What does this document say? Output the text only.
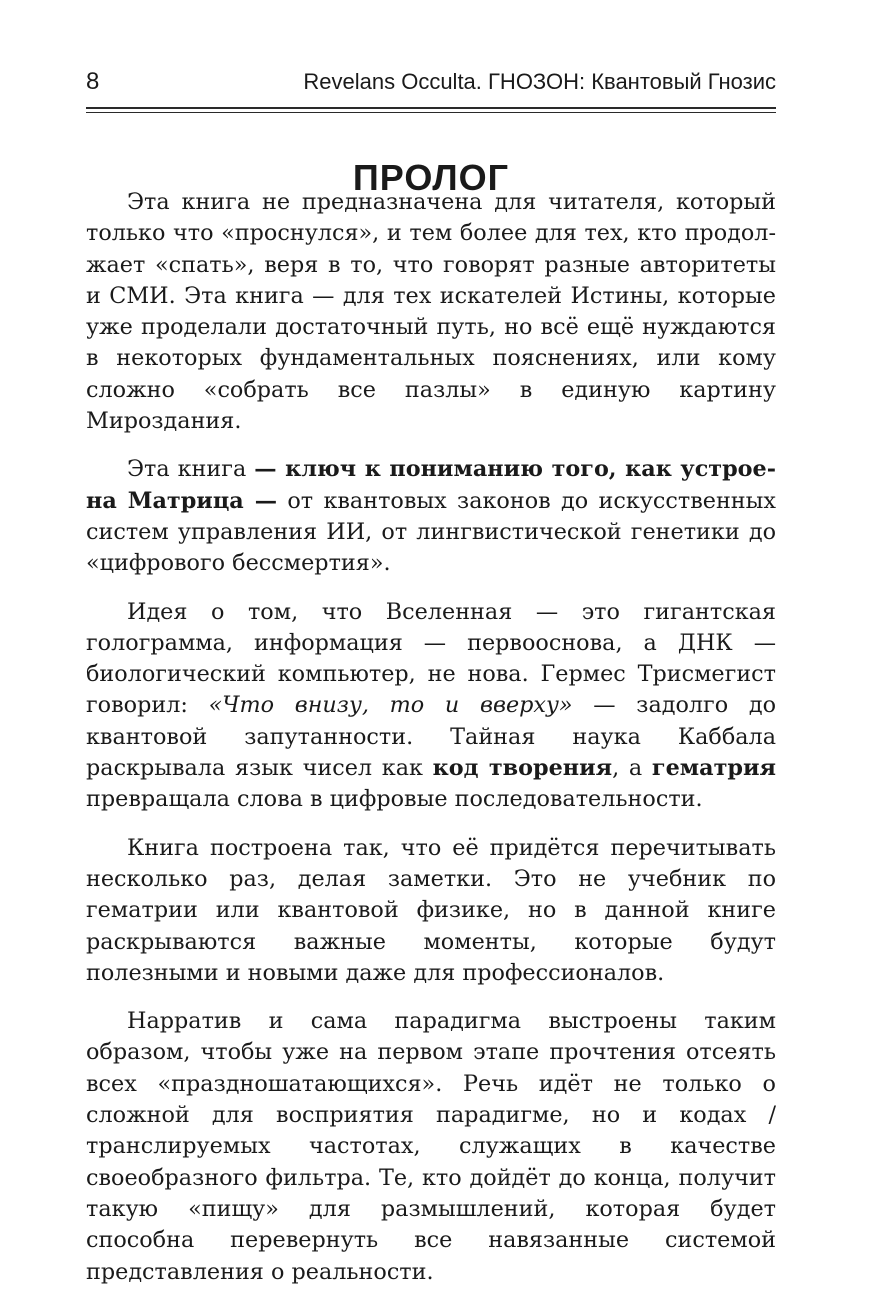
8	Revelans Occulta. ГНОЗОН: Квантовый Гнозис
ПРОЛОГ

Эта книга не предназначена для читателя, который только что «проснулся», и тем более для тех, кто продолжает «спать», веря в то, что говорят разные авторитеты и СМИ. Эта книга — для тех искателей Истины, которые уже проделали достаточный путь, но всё ещё нуждаются в некоторых фундаментальных пояснениях, или кому сложно «собрать все пазлы» в единую картину Мироздания.

Эта книга — ключ к пониманию того, как устроена Матрица — от квантовых законов до искусственных систем управления ИИ, от лингвистической генетики до «цифрового бессмертия».

Идея о том, что Вселенная — это гигантская голограмма, информация — первооснова, а ДНК — биологический компьютер, не нова. Гермес Трисмегист говорил: «Что внизу, то и вверху» — задолго до квантовой запутанности. Тайная наука Каббала раскрывала язык чисел как код творения, а гематрия превращала слова в цифровые последовательности.

Книга построена так, что её придётся перечитывать несколько раз, делая заметки. Это не учебник по гематрии или квантовой физике, но в данной книге раскрываются важные моменты, которые будут полезными и новыми даже для профессионалов.

Нарратив и сама парадигма выстроены таким образом, чтобы уже на первом этапе прочтения отсеять всех «праздношатающихся». Речь идёт не только о сложной для восприятия парадигме, но и кодах / транслируемых частотах, служащих в качестве своеобразного фильтра. Те, кто дойдёт до конца, получит такую «пищу» для размышлений, которая будет способна перевернуть все навязанные системой представления о реальности.
